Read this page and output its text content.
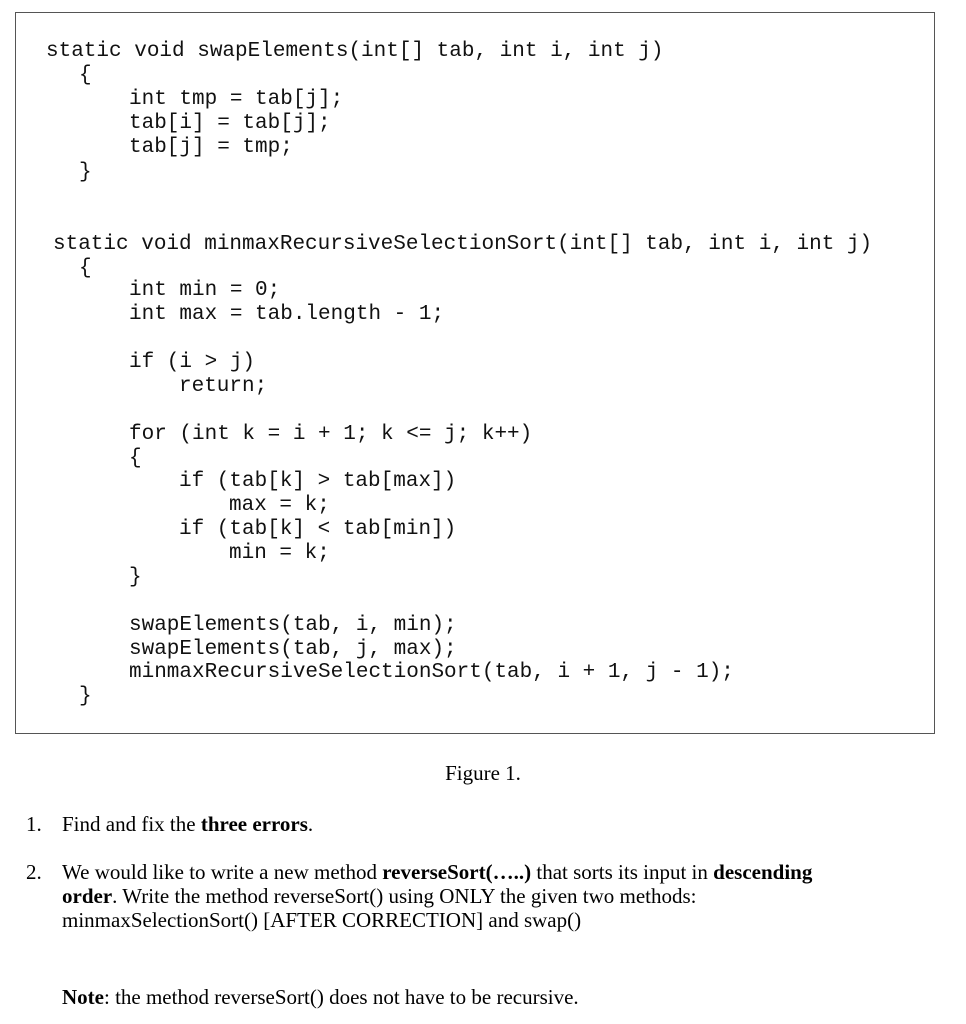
static void swapElements(int[] tab, int i, int j)
{
int tmp = tab[j];
tab[i] = tab[j];
tab[j] = tmp;
}
static void minmaxRecursiveSelectionSort(int[] tab, int i, int j)
{
int min = 0;
int max = tab.length - 1;
if (i > j)
return;
for (int k = i + 1; k <= j; k++)
{
if (tab[k] > tab[max])
max = k;
if (tab[k] < tab[min])
min = k;
}
swapElements(tab, i, min);
swapElements(tab, j, max);
minmaxRecursiveSelectionSort(tab, i + 1, j - 1);
}
Figure 1.
1. Find and fix the three errors.
2. We would like to write a new method reverseSort(…..) that sorts its input in descending
order. Write the method reverseSort() using ONLY the given two methods:
minmaxSelectionSort() [AFTER CORRECTION] and swap()
Note: the method reverseSort() does not have to be recursive.
